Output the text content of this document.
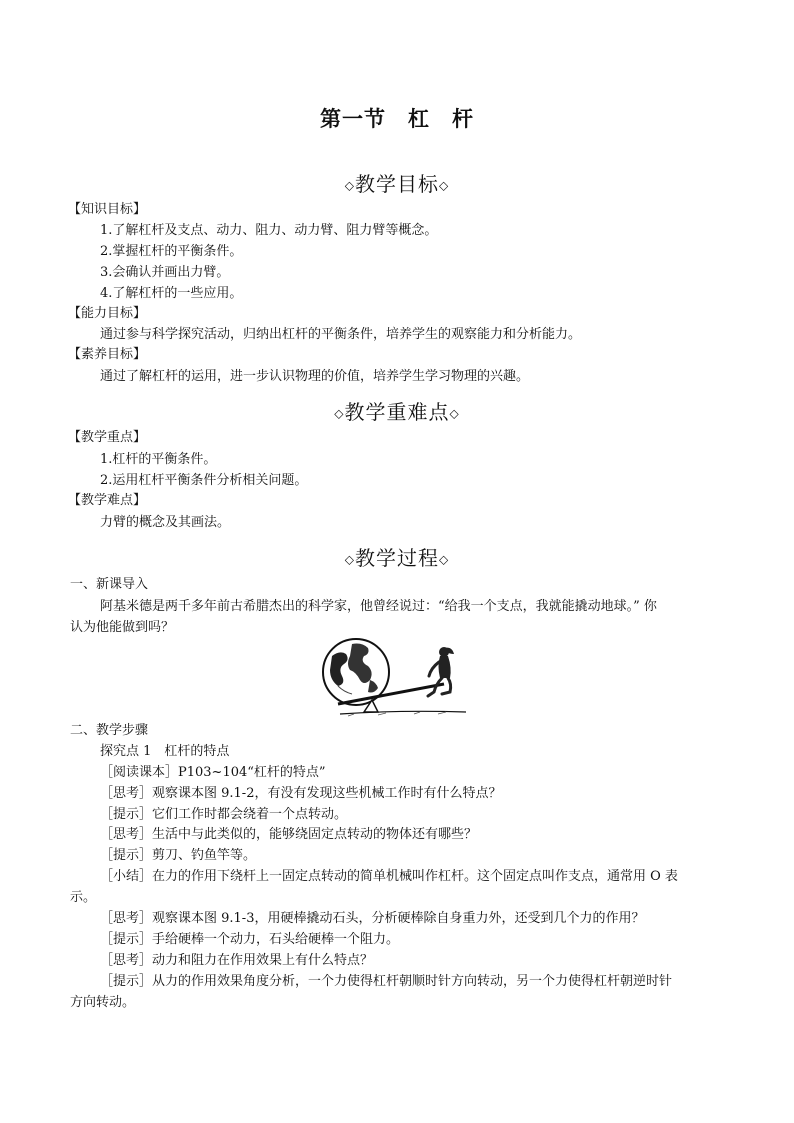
第一节　杠　杆
◇教学目标◇

【知识目标】

1.了解杠杆及支点、动力、阻力、动力臂、阻力臂等概念。

2.掌握杠杆的平衡条件。

3.会确认并画出力臂。

4.了解杠杆的一些应用。

【能力目标】

通过参与科学探究活动，归纳出杠杆的平衡条件，培养学生的观察能力和分析能力。

【素养目标】

通过了解杠杆的运用，进一步认识物理的价值，培养学生学习物理的兴趣。

◇教学重难点◇

【教学重点】

1.杠杆的平衡条件。

2.运用杠杆平衡条件分析相关问题。

【教学难点】

力臂的概念及其画法。

◇教学过程◇

一、新课导入

阿基米德是两千多年前古希腊杰出的科学家，他曾经说过：“给我一个支点，我就能撬动地球。” 你

认为他能做到吗？

二、教学步骤

探究点 1　杠杆的特点

［阅读课本］P103~104“杠杆的特点”

［思考］观察课本图 9.1-2，有没有发现这些机械工作时有什么特点？

［提示］它们工作时都会绕着一个点转动。

［思考］生活中与此类似的，能够绕固定点转动的物体还有哪些？

［提示］剪刀、钓鱼竿等。

［小结］在力的作用下绕杆上一固定点转动的简单机械叫作杠杆。这个固定点叫作支点，通常用 O 表

示。

［思考］观察课本图 9.1-3，用硬棒撬动石头，分析硬棒除自身重力外，还受到几个力的作用？

［提示］手给硬棒一个动力，石头给硬棒一个阻力。

［思考］动力和阻力在作用效果上有什么特点？

［提示］从力的作用效果角度分析，一个力使得杠杆朝顺时针方向转动，另一个力使得杠杆朝逆时针

方向转动。
